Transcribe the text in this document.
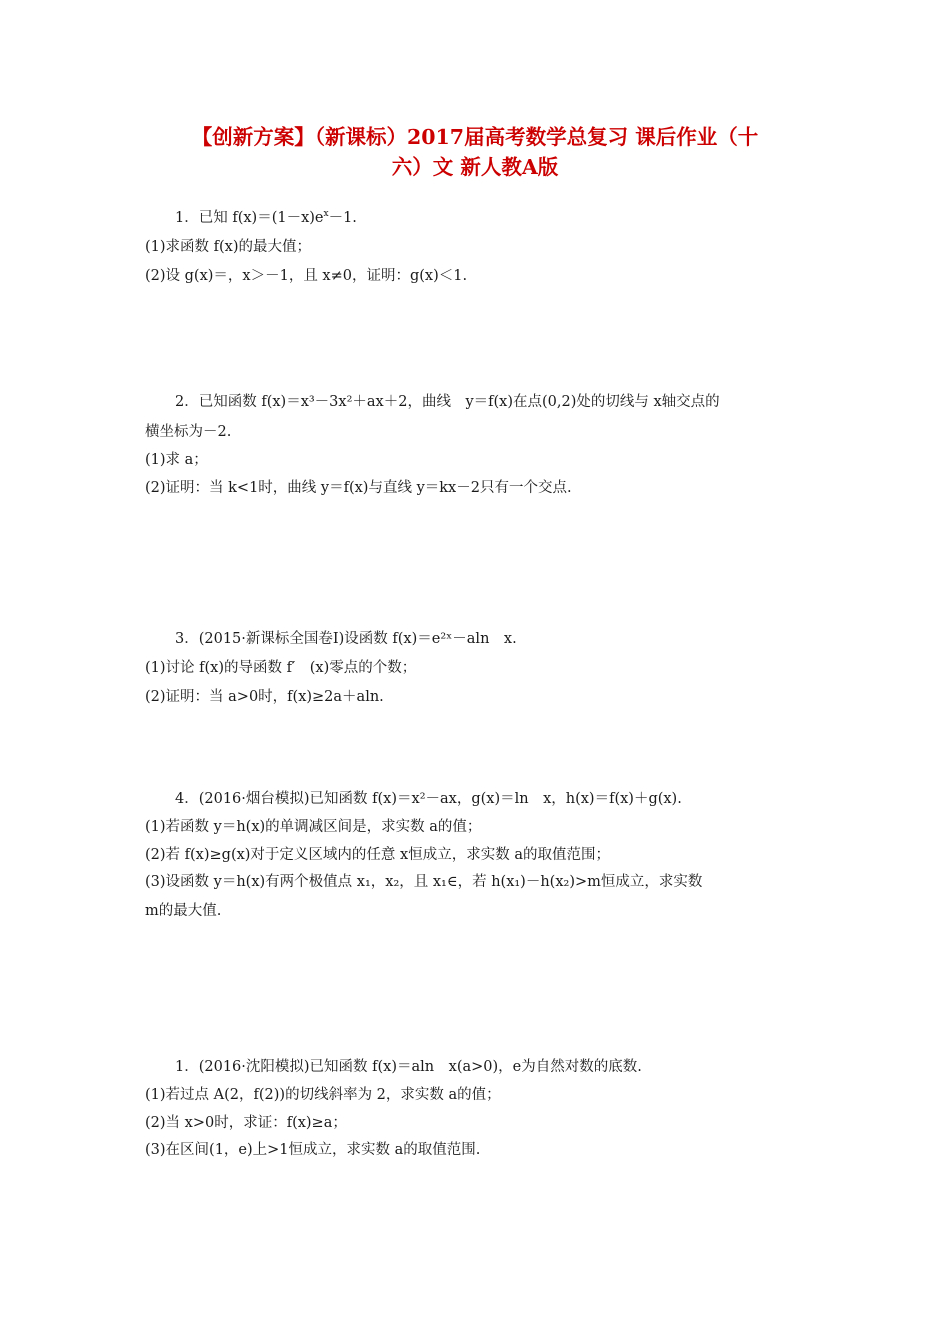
【创新方案】（新课标）2017届高考数学总复习 课后作业（十
六）文 新人教A版
1．已知 $f(x)=(1-x)e^x-1$.
(1)求函数 f(x)的最大值；
(2)设 g(x)＝，x＞－1，且 x≠0，证明：g(x)＜1.
2．已知函数 f(x)＝x³－3x²＋ax＋2，曲线　y＝f(x)在点(0,2)处的切线与 x轴交点的
横坐标为－2.
(1)求 a；
(2)证明：当 k<1时，曲线 y＝f(x)与直线 y＝kx－2只有一个交点.
3．(2015·新课标全国卷Ⅰ)设函数 f(x)＝e²ˣ－aln　x.
(1)讨论 f(x)的导函数 f′　(x)零点的个数；
(2)证明：当 a>0时，f(x)≥2a＋aln.
4．(2016·烟台模拟)已知函数 f(x)＝x²－ax，g(x)＝ln　x，h(x)＝f(x)＋g(x).
(1)若函数 y＝h(x)的单调减区间是，求实数 a的值；
(2)若 f(x)≥g(x)对于定义区域内的任意 x恒成立，求实数 a的取值范围；
(3)设函数 y＝h(x)有两个极值点 x₁，x₂，且 x₁∈，若 h(x₁)－h(x₂)>m恒成立，求实数
m的最大值.
1．(2016·沈阳模拟)已知函数 f(x)＝aln　x(a>0)，e为自然对数的底数.
(1)若过点 A(2，f(2))的切线斜率为 2，求实数 a的值；
(2)当 x>0时，求证：f(x)≥a；
(3)在区间(1，e)上>1恒成立，求实数 a的取值范围.
